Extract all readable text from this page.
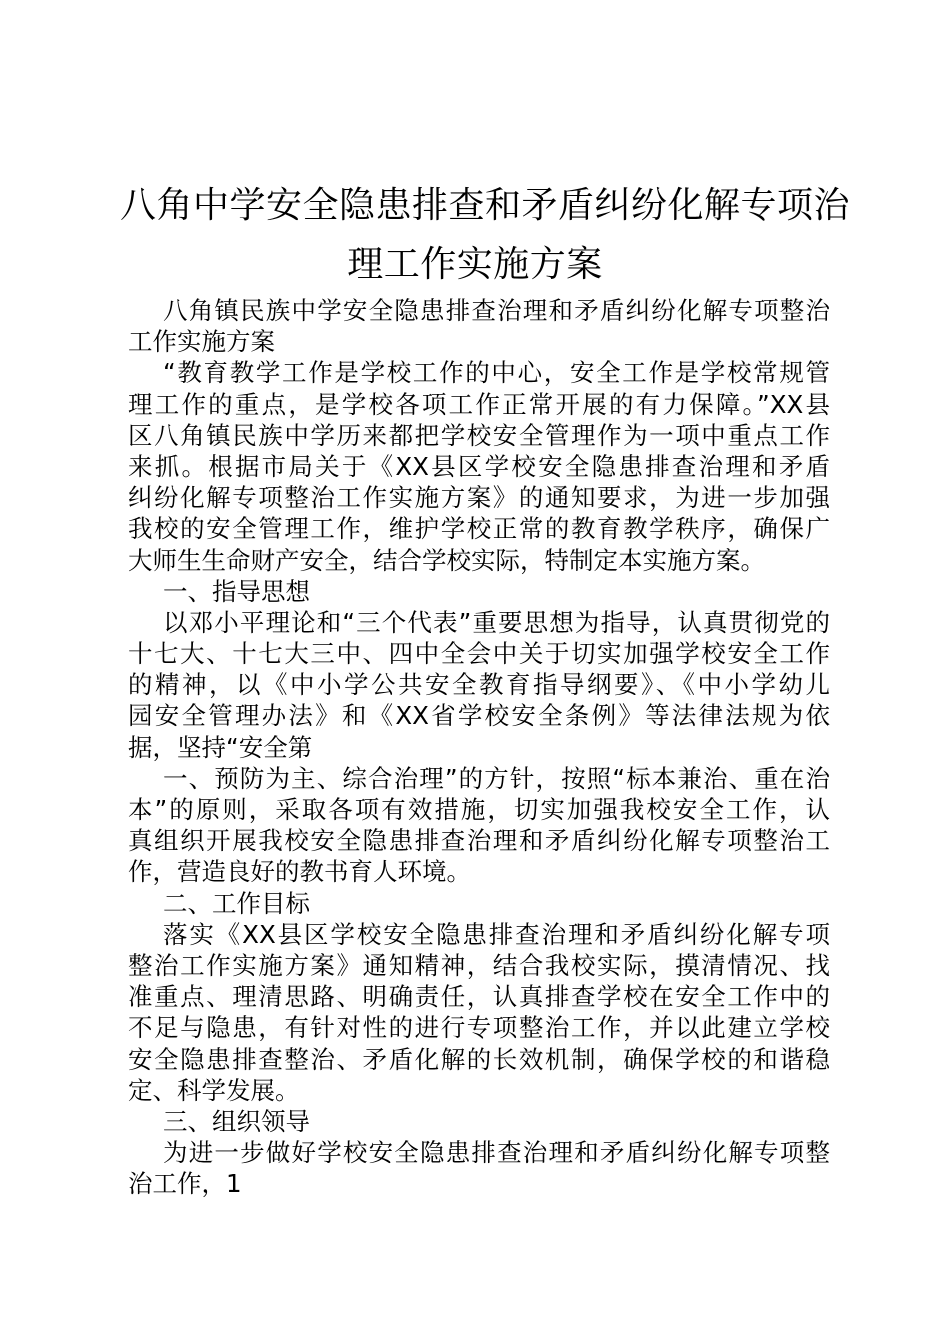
八角中学安全隐患排查和矛盾纠纷化解专项治
理工作实施方案
八角镇民族中学安全隐患排查治理和矛盾纠纷化解专项整治
工作实施方案
“教育教学工作是学校工作的中心，安全工作是学校常规管
理工作的重点，是学校各项工作正常开展的有力保障。”XX县
区八角镇民族中学历来都把学校安全管理作为一项中重点工作
来抓。根据市局关于《XX县区学校安全隐患排查治理和矛盾
纠纷化解专项整治工作实施方案》的通知要求，为进一步加强
我校的安全管理工作，维护学校正常的教育教学秩序，确保广
大师生生命财产安全，结合学校实际，特制定本实施方案。
一、指导思想
以邓小平理论和“三个代表”重要思想为指导，认真贯彻党的
十七大、十七大三中、四中全会中关于切实加强学校安全工作
的精神，以《中小学公共安全教育指导纲要》、《中小学幼儿
园安全管理办法》和《XX省学校安全条例》等法律法规为依
据，坚持“安全第
一、预防为主、综合治理”的方针，按照“标本兼治、重在治
本”的原则，采取各项有效措施，切实加强我校安全工作，认
真组织开展我校安全隐患排查治理和矛盾纠纷化解专项整治工
作，营造良好的教书育人环境。
二、工作目标
落实《XX县区学校安全隐患排查治理和矛盾纠纷化解专项
整治工作实施方案》通知精神，结合我校实际，摸清情况、找
准重点、理清思路、明确责任，认真排查学校在安全工作中的
不足与隐患，有针对性的进行专项整治工作，并以此建立学校
安全隐患排查整治、矛盾化解的长效机制，确保学校的和谐稳
定、科学发展。
三、组织领导
为进一步做好学校安全隐患排查治理和矛盾纠纷化解专项整
治工作，1
